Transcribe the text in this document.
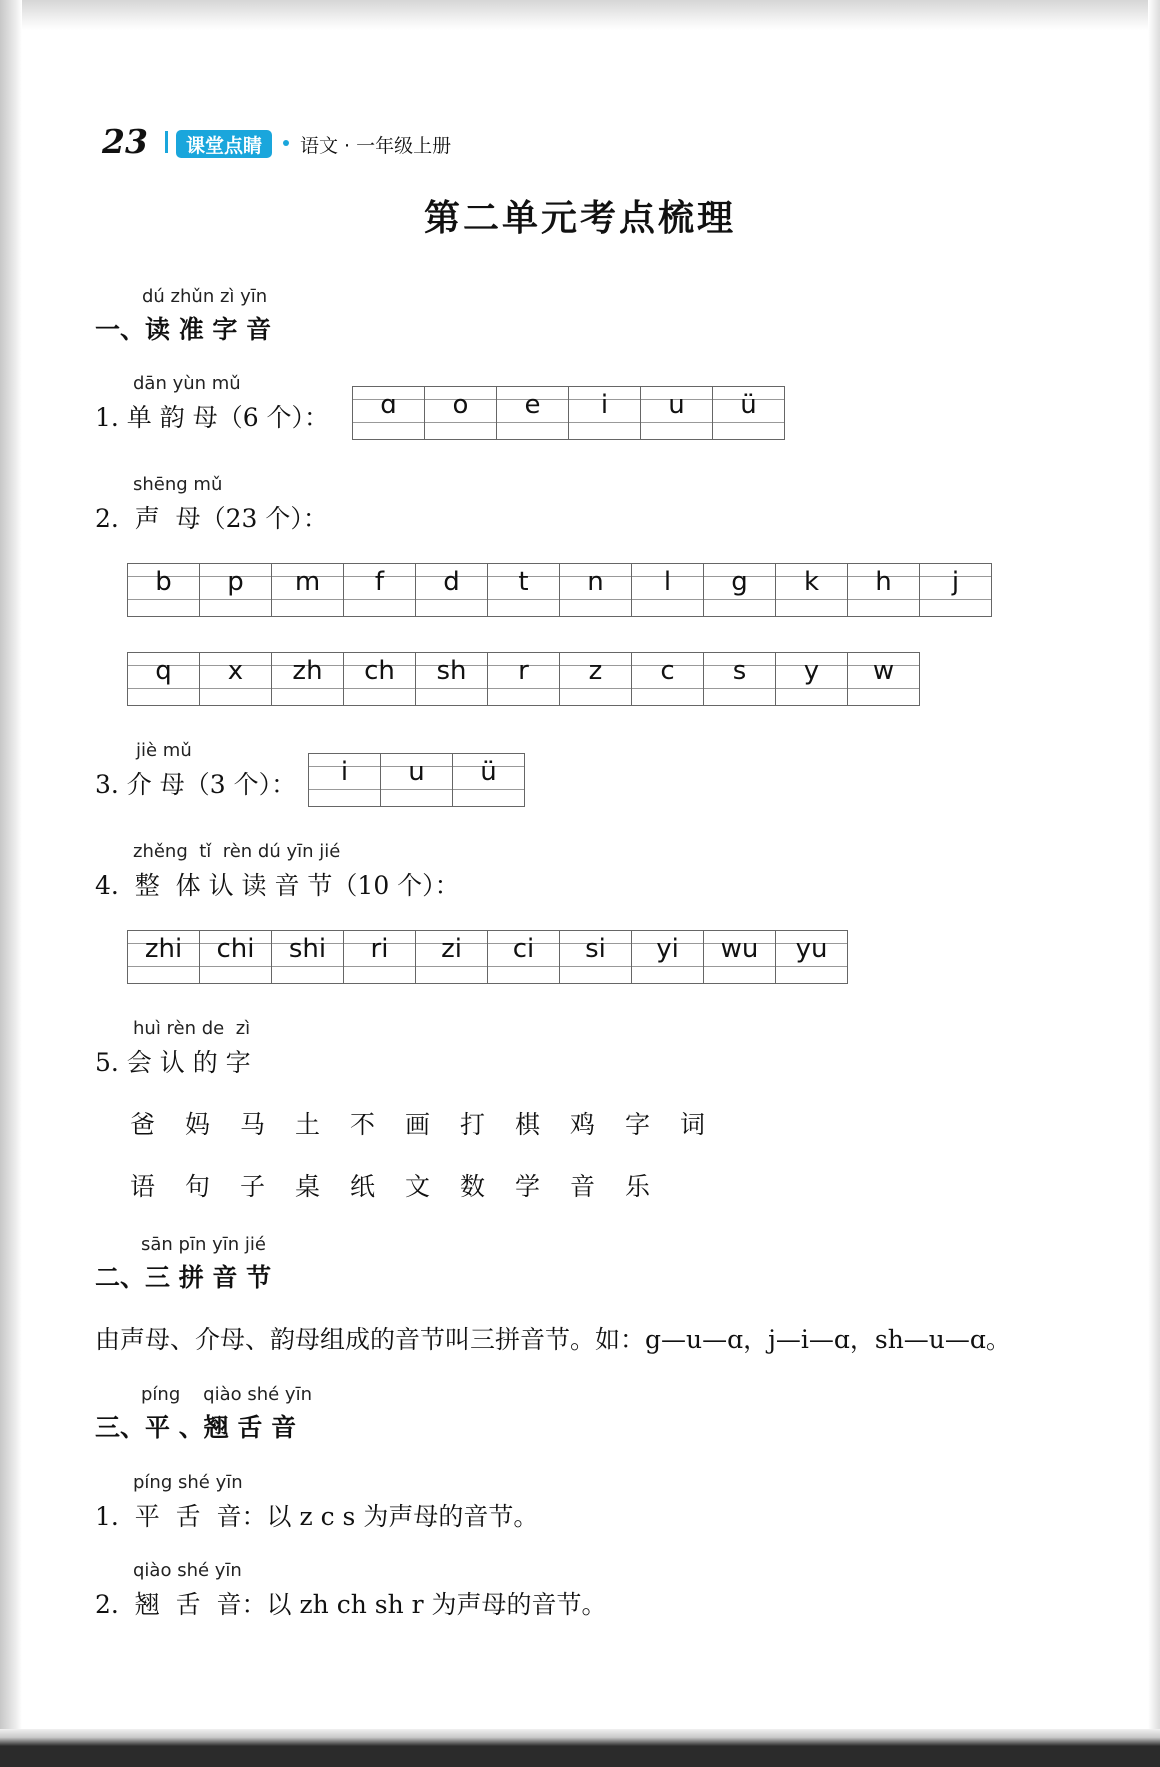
23	课堂点睛	语文 · 一年级上册
第二单元考点梳理
dú zhǔn zì yīn
一、读 准 字 音
dān yùn mǔ
1. 单 韵 母（6 个）：	ɑ	o	e	i	u	ü
shēng mǔ
2.  声  母（23 个）：
b	p	m	f	d	t	n	l	g	k	h	j
q	x	zh	ch	sh	r	z	c	s	y	w
jiè mǔ
3. 介 母（3 个）：	i	u	ü
zhěng  tǐ  rèn dú yīn jié
4.  整  体 认 读 音 节（10 个）：
zhi	chi	shi	ri	zi	ci	si	yi	wu	yu
huì rèn de  zì
5. 会 认 的 字
爸	妈	马	土	不	画	打	棋	鸡	字	词
语	句	子	桌	纸	文	数	学	音	乐
sān pīn yīn jié
二、三 拼 音 节
由声母、介母、韵母组成的音节叫三拼音节。如：g—u—ɑ，j—i—ɑ，sh—u—ɑ。
píng    qiào shé yīn
三、平 、翘 舌 音
píng shé yīn
1.  平  舌  音：以 z c s 为声母的音节。
qiào shé yīn
2.  翘  舌  音：以 zh ch sh r 为声母的音节。
